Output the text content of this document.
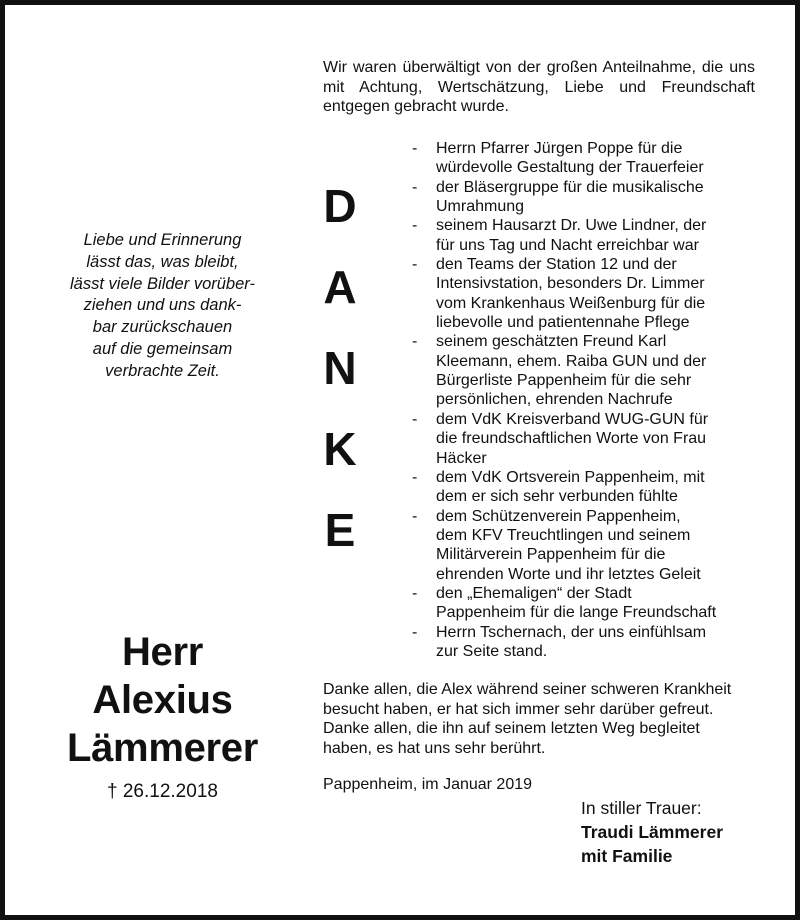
Liebe und Erinnerung
lässt das, was bleibt,
lässt viele Bilder vorüber-
ziehen und uns dank-
bar zurückschauen
auf die gemeinsam
verbrachte Zeit.
Herr
Alexius
Lämmerer
† 26.12.2018
D
A
N
K
E
Wir waren überwältigt von der großen Anteilnahme, die uns mit Achtung, Wertschätzung, Liebe und Freundschaft entgegen gebracht wurde.
- Herrn Pfarrer Jürgen Poppe für die
würdevolle Gestaltung der Trauerfeier
- der Bläsergruppe für die musikalische
Umrahmung
- seinem Hausarzt Dr. Uwe Lindner, der
für uns Tag und Nacht erreichbar war
- den Teams der Station 12 und der
Intensivstation, besonders Dr. Limmer
vom Krankenhaus Weißenburg für die
liebevolle und patientennahe Pflege
- seinem geschätzten Freund Karl
Kleemann, ehem. Raiba GUN und der
Bürgerliste Pappenheim für die sehr
persönlichen, ehrenden Nachrufe
- dem VdK Kreisverband WUG-GUN für
die freundschaftlichen Worte von Frau
Häcker
- dem VdK Ortsverein Pappenheim, mit
dem er sich sehr verbunden fühlte
- dem Schützenverein Pappenheim,
dem KFV Treuchtlingen und seinem
Militärverein Pappenheim für die
ehrenden Worte und ihr letztes Geleit
- den „Ehemaligen“ der Stadt
Pappenheim für die lange Freundschaft
- Herrn Tschernach, der uns einfühlsam
zur Seite stand.

Danke allen, die Alex während seiner schweren Krankheit
besucht haben, er hat sich immer sehr darüber gefreut.

Danke allen, die ihn auf seinem letzten Weg begleitet
haben, es hat uns sehr berührt.

Pappenheim, im Januar 2019
In stiller Trauer:
Traudi Lämmerer
mit Familie
